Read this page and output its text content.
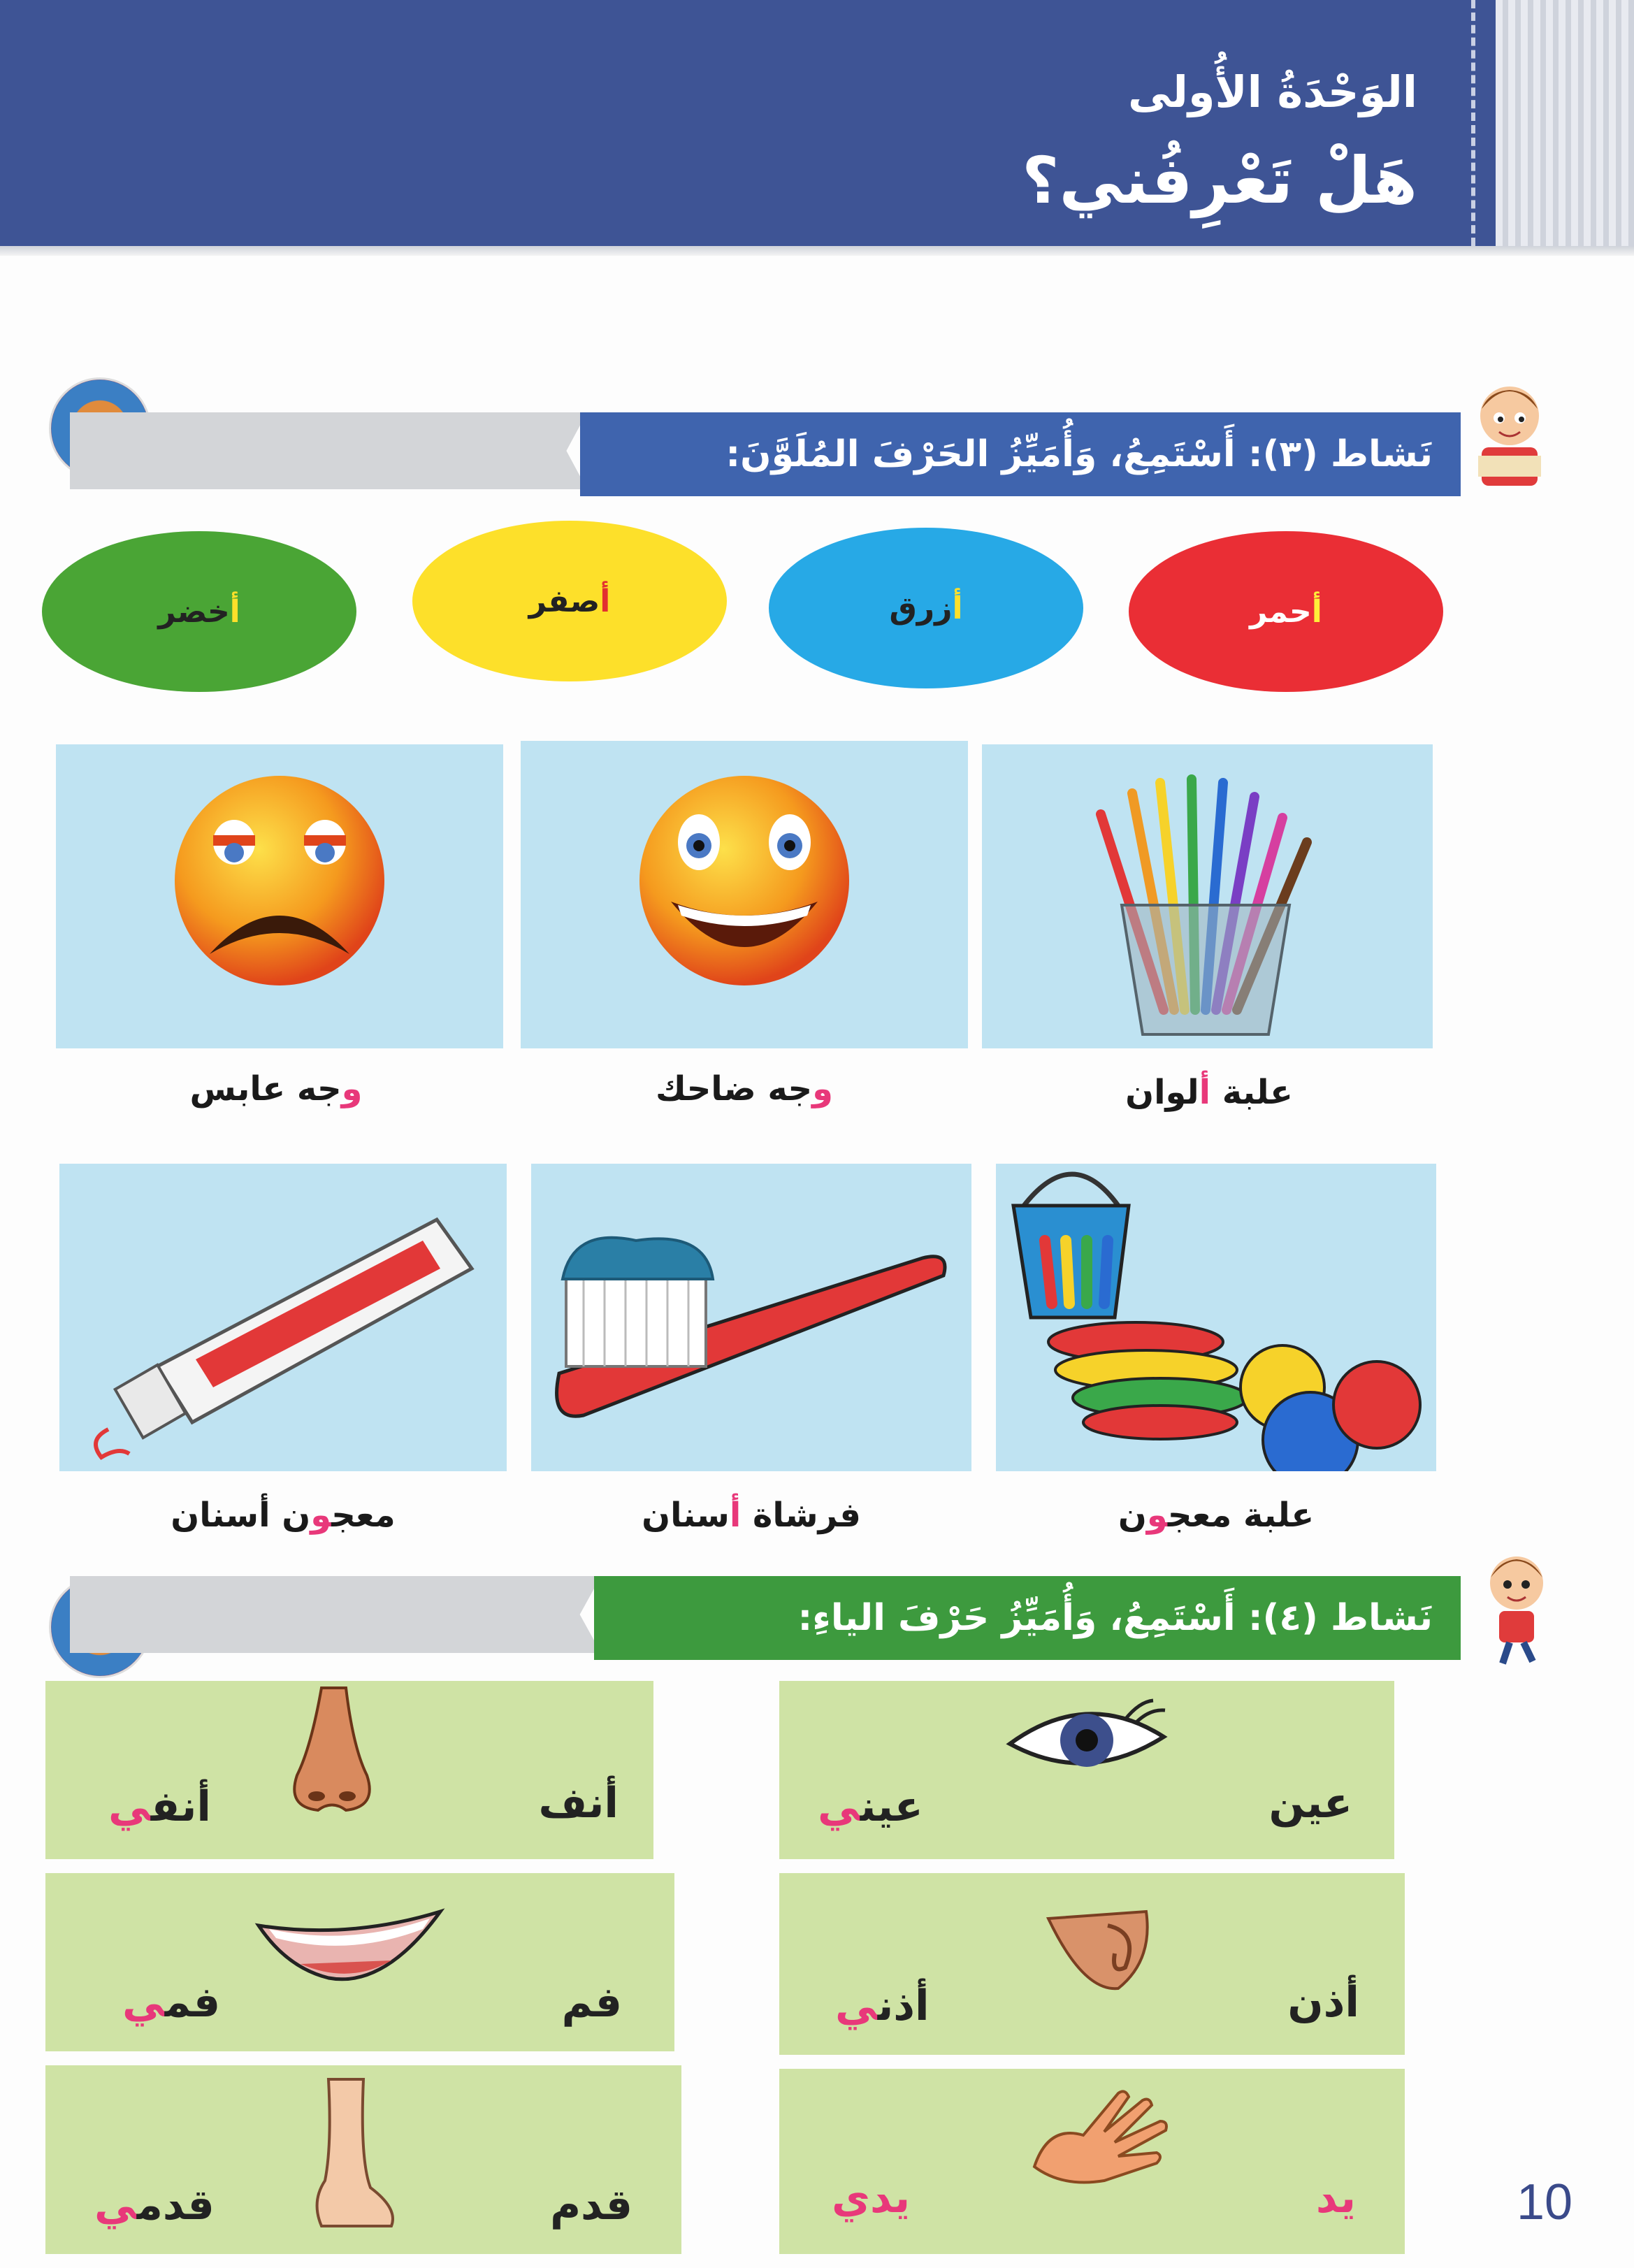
الوَحْدَةُ الأُولى
هَلْ تَعْرِفُني؟
نَشاط (٣): أَسْتَمِعُ، وَأُمَيِّزُ الحَرْفَ المُلَوَّنَ:
أحمر
أزرق
أصفر
أخضر
علبة ألوان
وجه ضاحك
وجه عابس
علبة معجون
فرشاة أسنان
معجون أسنان
نَشاط (٤): أَسْتَمِعُ، وَأُمَيِّزُ حَرْفَ الياءِ:
عين
عيني
أذن
أذني
يد
يدي
أنف
أنفي
فم
فمي
قدم
قدمي	10
